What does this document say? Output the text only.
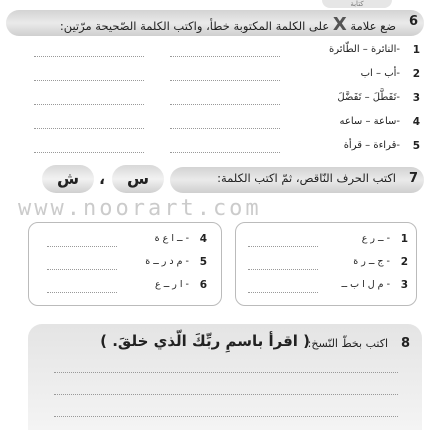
كتابة
6
ضع علامة X على الكلمة المكتوبة خطأ، واكتب الكلمة الصّحيحة مرّتين:
1
-النائرة – الطّائرة
2
-أب – اب
3
-تَفَطَّلَ – تَفَضَّلَ
4
-ساعة – ساعه
5
-قراءة – قرأة
7
اكتب الحرف النّاقص، ثمّ اكتب الكلمة:
س
،
ش
www.noorart.com
1
- ــ ر ع
2
- ج ــ ر ة
3
- م ل ا ب ــ
4
- ــ ا ع ة
5
- م د ر ــ ة
6
- ا ر ــ ع
8
اكتب بخطّ النّسخ:
( اقرأ باسمِ ربِّكَ الّذي خلقَ. )
